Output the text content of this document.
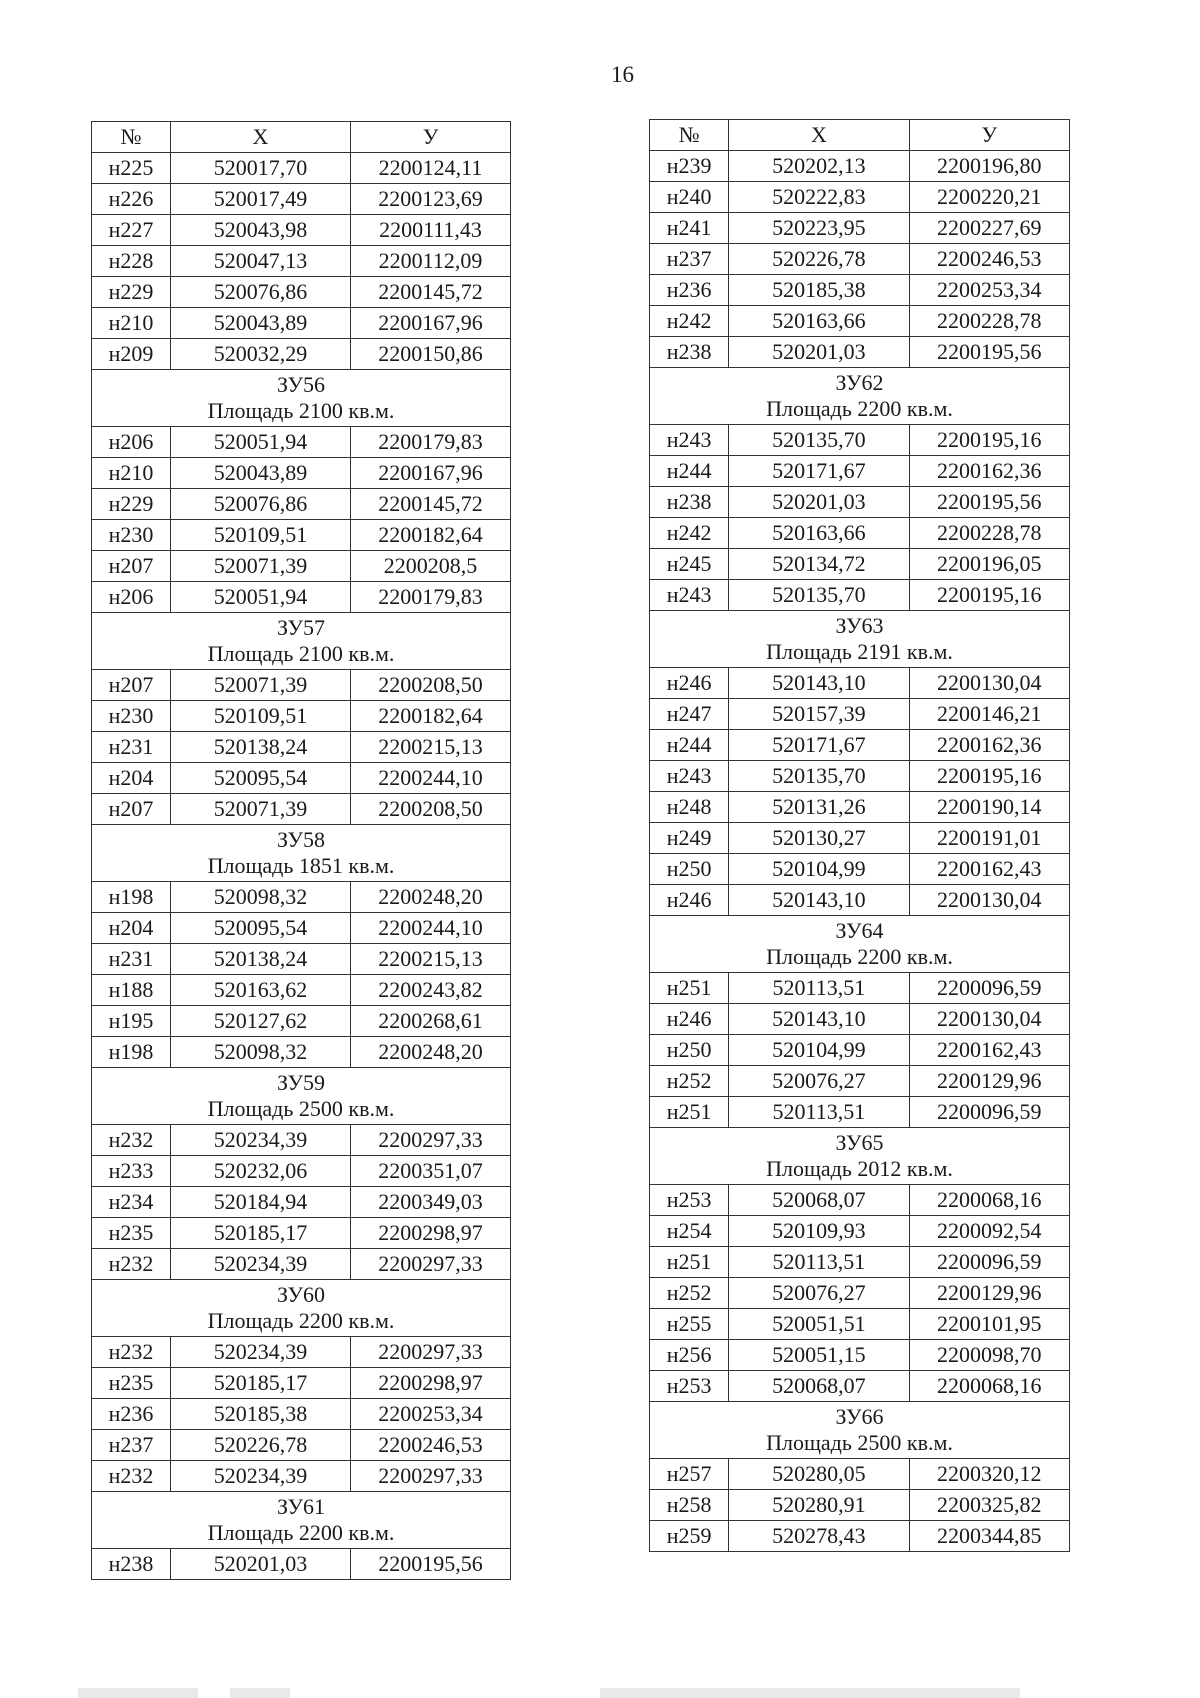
16
№	X	У
н225	520017,70	2200124,11
н226	520017,49	2200123,69
н227	520043,98	2200111,43
н228	520047,13	2200112,09
н229	520076,86	2200145,72
н210	520043,89	2200167,96
н209	520032,29	2200150,86

ЗУ56
Площадь 2100 кв.м.		

н206	520051,94	2200179,83
н210	520043,89	2200167,96
н229	520076,86	2200145,72
н230	520109,51	2200182,64
н207	520071,39	2200208,5
н206	520051,94	2200179,83

ЗУ57
Площадь 2100 кв.м.		

н207	520071,39	2200208,50
н230	520109,51	2200182,64
н231	520138,24	2200215,13
н204	520095,54	2200244,10
н207	520071,39	2200208,50

ЗУ58
Площадь 1851 кв.м.		

н198	520098,32	2200248,20
н204	520095,54	2200244,10
н231	520138,24	2200215,13
н188	520163,62	2200243,82
н195	520127,62	2200268,61
н198	520098,32	2200248,20

ЗУ59
Площадь 2500 кв.м.		

н232	520234,39	2200297,33
н233	520232,06	2200351,07
н234	520184,94	2200349,03
н235	520185,17	2200298,97
н232	520234,39	2200297,33

ЗУ60
Площадь 2200 кв.м.		

н232	520234,39	2200297,33
н235	520185,17	2200298,97
н236	520185,38	2200253,34
н237	520226,78	2200246,53
н232	520234,39	2200297,33

ЗУ61
Площадь 2200 кв.м.		

н238	520201,03	2200195,56
№	X	У
н239	520202,13	2200196,80
н240	520222,83	2200220,21
н241	520223,95	2200227,69
н237	520226,78	2200246,53
н236	520185,38	2200253,34
н242	520163,66	2200228,78
н238	520201,03	2200195,56

ЗУ62
Площадь 2200 кв.м.		

н243	520135,70	2200195,16
н244	520171,67	2200162,36
н238	520201,03	2200195,56
н242	520163,66	2200228,78
н245	520134,72	2200196,05
н243	520135,70	2200195,16

ЗУ63
Площадь 2191 кв.м.		

н246	520143,10	2200130,04
н247	520157,39	2200146,21
н244	520171,67	2200162,36
н243	520135,70	2200195,16
н248	520131,26	2200190,14
н249	520130,27	2200191,01
н250	520104,99	2200162,43
н246	520143,10	2200130,04

ЗУ64
Площадь 2200 кв.м.		

н251	520113,51	2200096,59
н246	520143,10	2200130,04
н250	520104,99	2200162,43
н252	520076,27	2200129,96
н251	520113,51	2200096,59

ЗУ65
Площадь 2012 кв.м.		

н253	520068,07	2200068,16
н254	520109,93	2200092,54
н251	520113,51	2200096,59
н252	520076,27	2200129,96
н255	520051,51	2200101,95
н256	520051,15	2200098,70
н253	520068,07	2200068,16

ЗУ66
Площадь 2500 кв.м.		

н257	520280,05	2200320,12
н258	520280,91	2200325,82
н259	520278,43	2200344,85
